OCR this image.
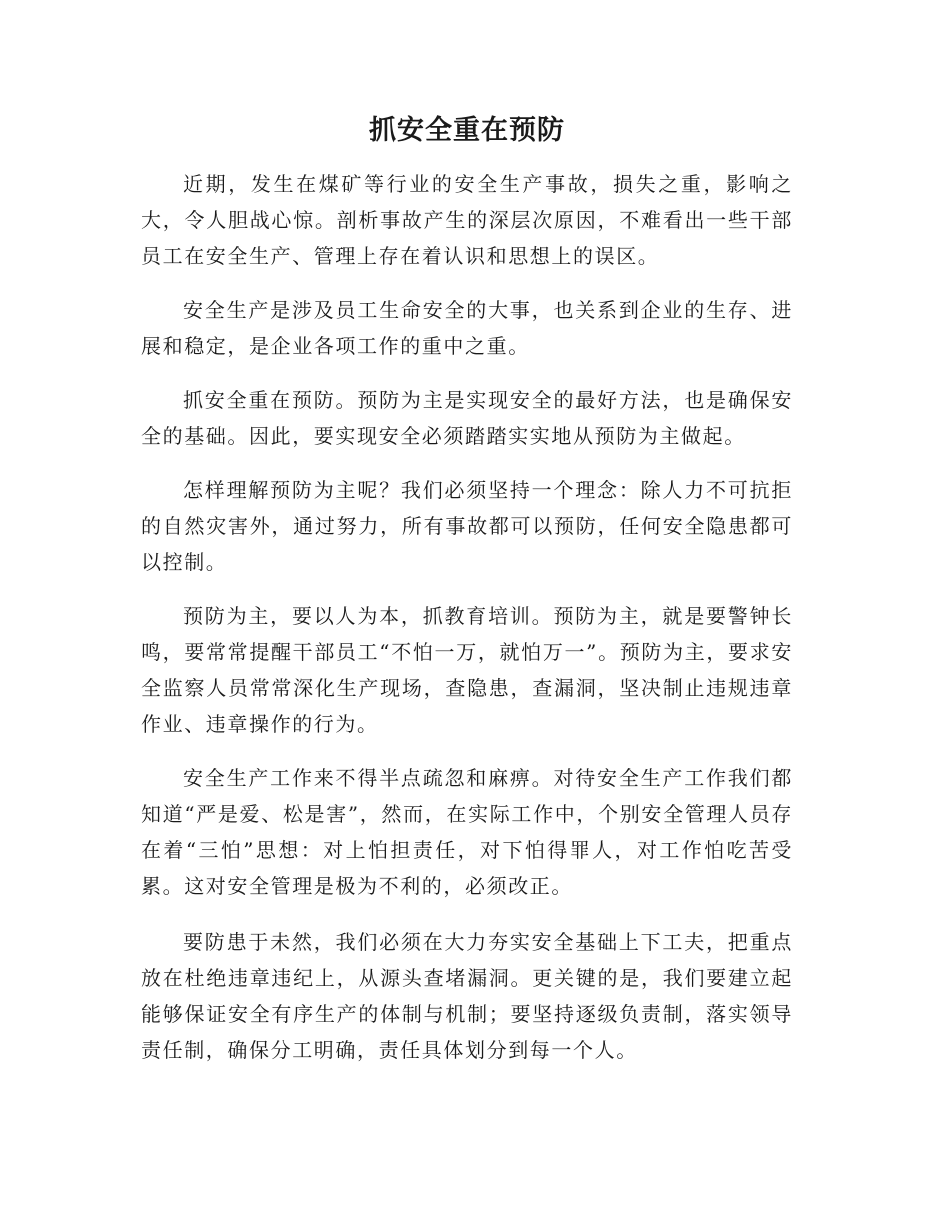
抓安全重在预防

近期，发生在煤矿等行业的安全生产事故，损失之重，影响之大，令人胆战心惊。剖析事故产生的深层次原因，不难看出一些干部员工在安全生产、管理上存在着认识和思想上的误区。

安全生产是涉及员工生命安全的大事，也关系到企业的生存、进展和稳定，是企业各项工作的重中之重。

抓安全重在预防。预防为主是实现安全的最好方法，也是确保安全的基础。因此，要实现安全必须踏踏实实地从预防为主做起。

怎样理解预防为主呢？我们必须坚持一个理念：除人力不可抗拒的自然灾害外，通过努力，所有事故都可以预防，任何安全隐患都可以控制。

预防为主，要以人为本，抓教育培训。预防为主，就是要警钟长鸣，要常常提醒干部员工“不怕一万，就怕万一”。预防为主，要求安全监察人员常常深化生产现场，查隐患，查漏洞，坚决制止违规违章作业、违章操作的行为。

安全生产工作来不得半点疏忽和麻痹。对待安全生产工作我们都知道“严是爱、松是害”，然而，在实际工作中，个别安全管理人员存在着“三怕”思想：对上怕担责任，对下怕得罪人，对工作怕吃苦受累。这对安全管理是极为不利的，必须改正。

要防患于未然，我们必须在大力夯实安全基础上下工夫，把重点放在杜绝违章违纪上，从源头查堵漏洞。更关键的是，我们要建立起能够保证安全有序生产的体制与机制；要坚持逐级负责制，落实领导责任制，确保分工明确，责任具体划分到每一个人。
